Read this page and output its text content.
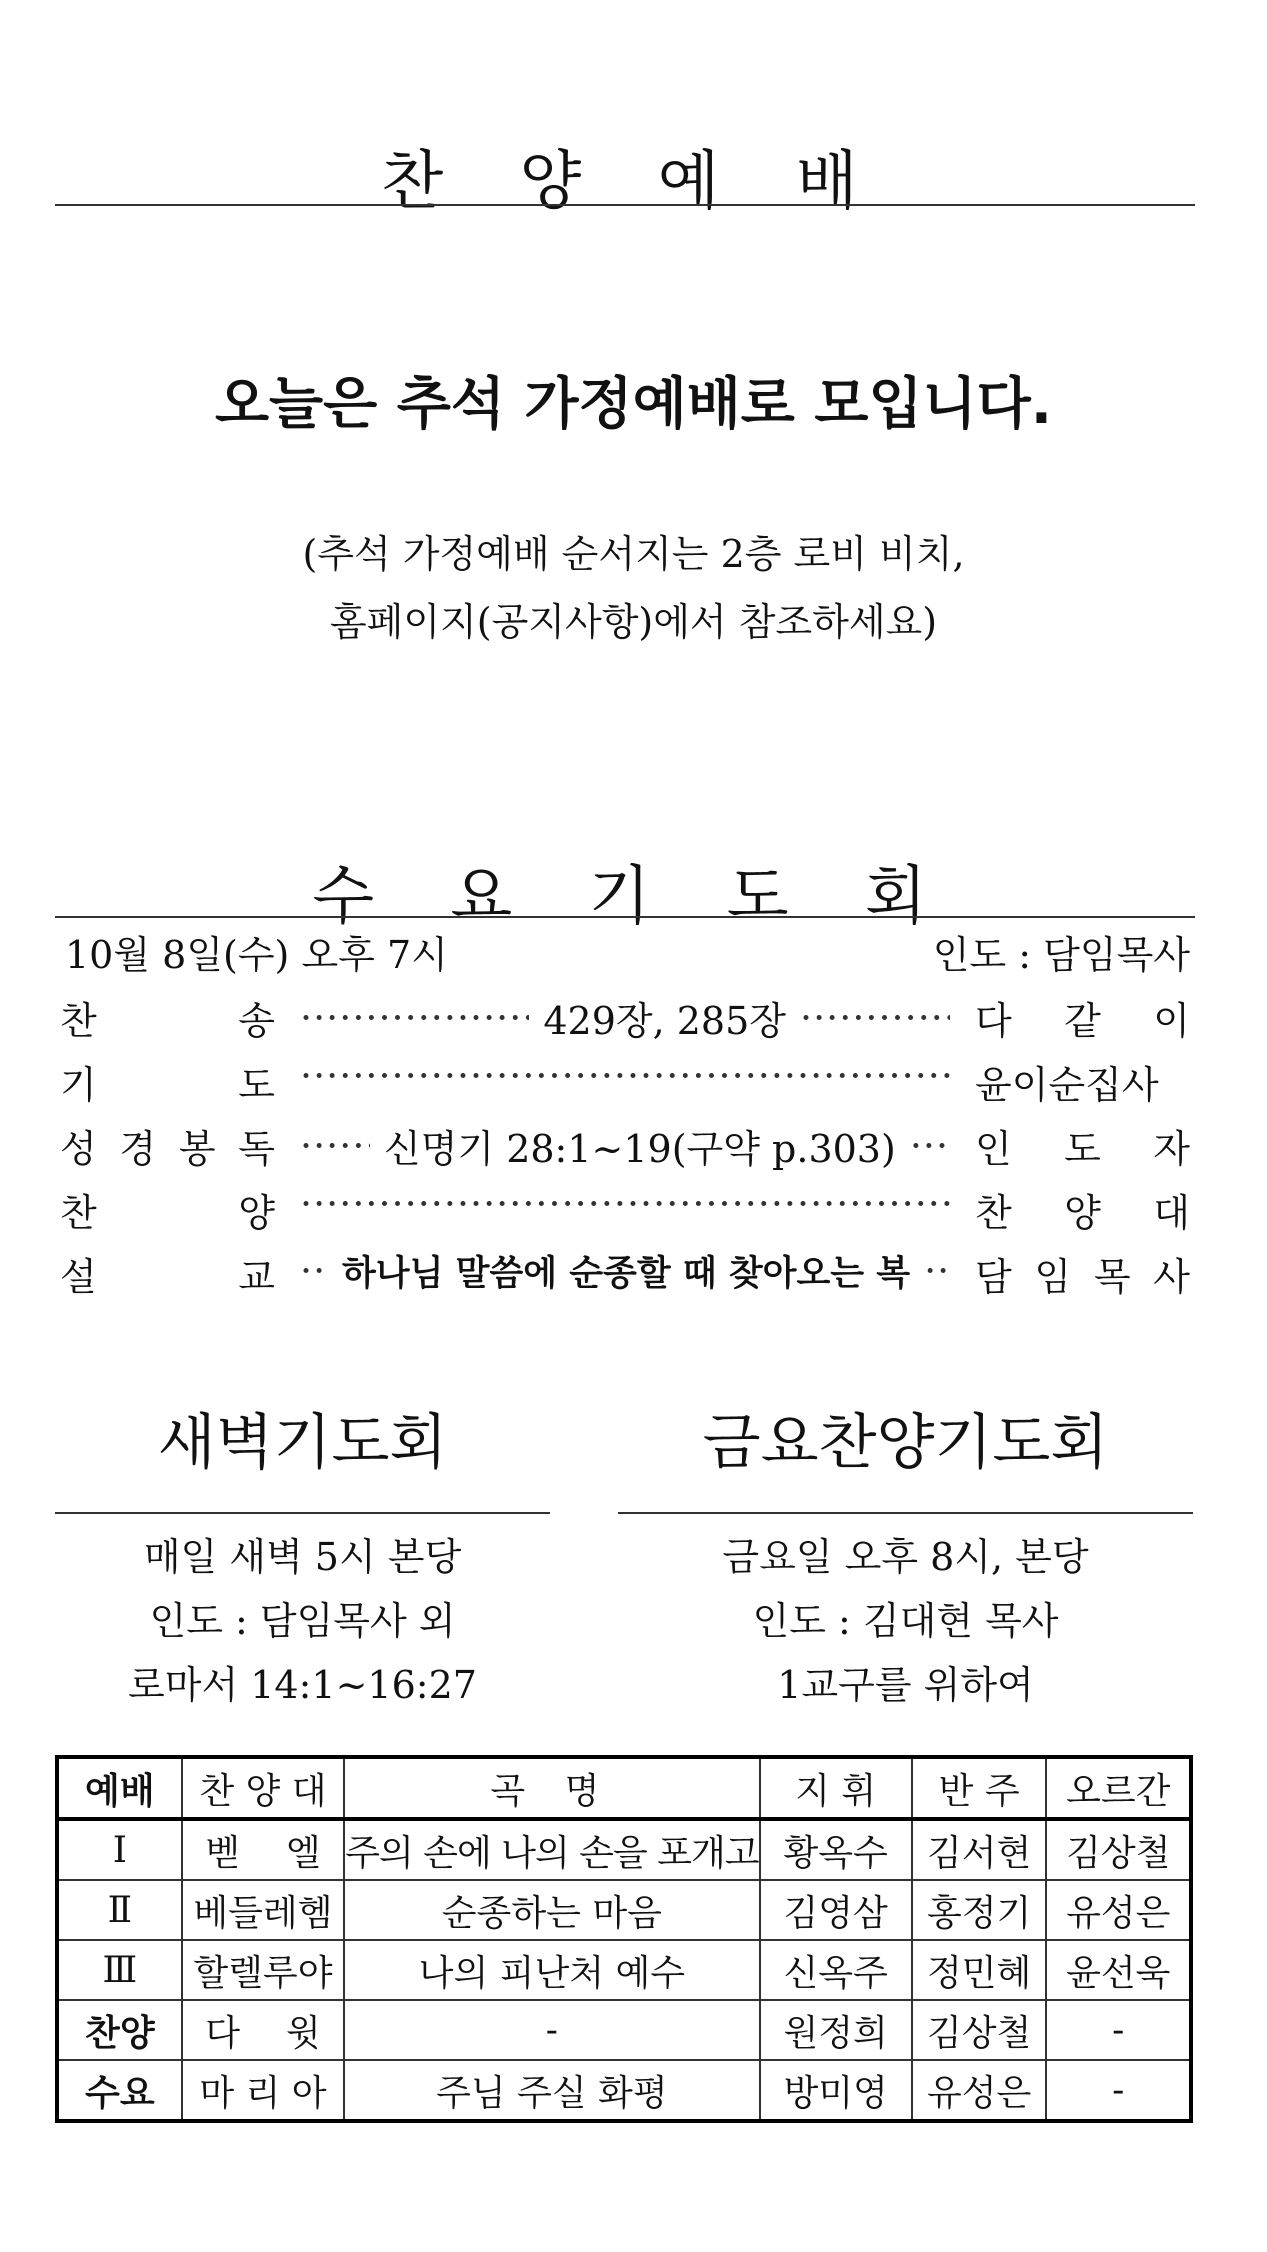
찬 양 예 배
오늘은 추석 가정예배로 모입니다.
(추석 가정예배 순서지는 2층 로비 비치,
홈페이지(공지사항)에서 참조하세요)
수 요 기 도 회
10월 8일(수) 오후 7시	인도 : 담임목사
찬	송 ·····	429장, 285장 ·····	다 같 이
기	도 ·····	윤이순집사
성 경 봉 독 ·····	신명기 28:1~19(구약 p.303) ····· 인 도 자
찬	양 ·····	찬 양 대
설	교 ····· 하나님 말씀에 순종할 때 찾아오는 복 ····· 담 임 목 사
새벽기도회
매일 새벽 5시 본당
인도 : 담임목사 외
로마서 14:1~16:27
금요찬양기도회
금요일 오후 8시, 본당
인도 : 김대현 목사
1교구를 위하여
예배	찬 양 대	곡 명	지 휘	반 주	오르간
Ⅰ	벧    엘	주의 손에 나의 손을 포개고	황옥수	김서현	김상철
Ⅱ	베들레헴	순종하는 마음	김영삼	홍정기	유성은
Ⅲ	할렐루야	나의 피난처 예수	신옥주	정민혜	윤선욱
찬양	다    윗	-	원정희	김상철	-
수요	마 리 아	주님 주실 화평	방미영	유성은	-
